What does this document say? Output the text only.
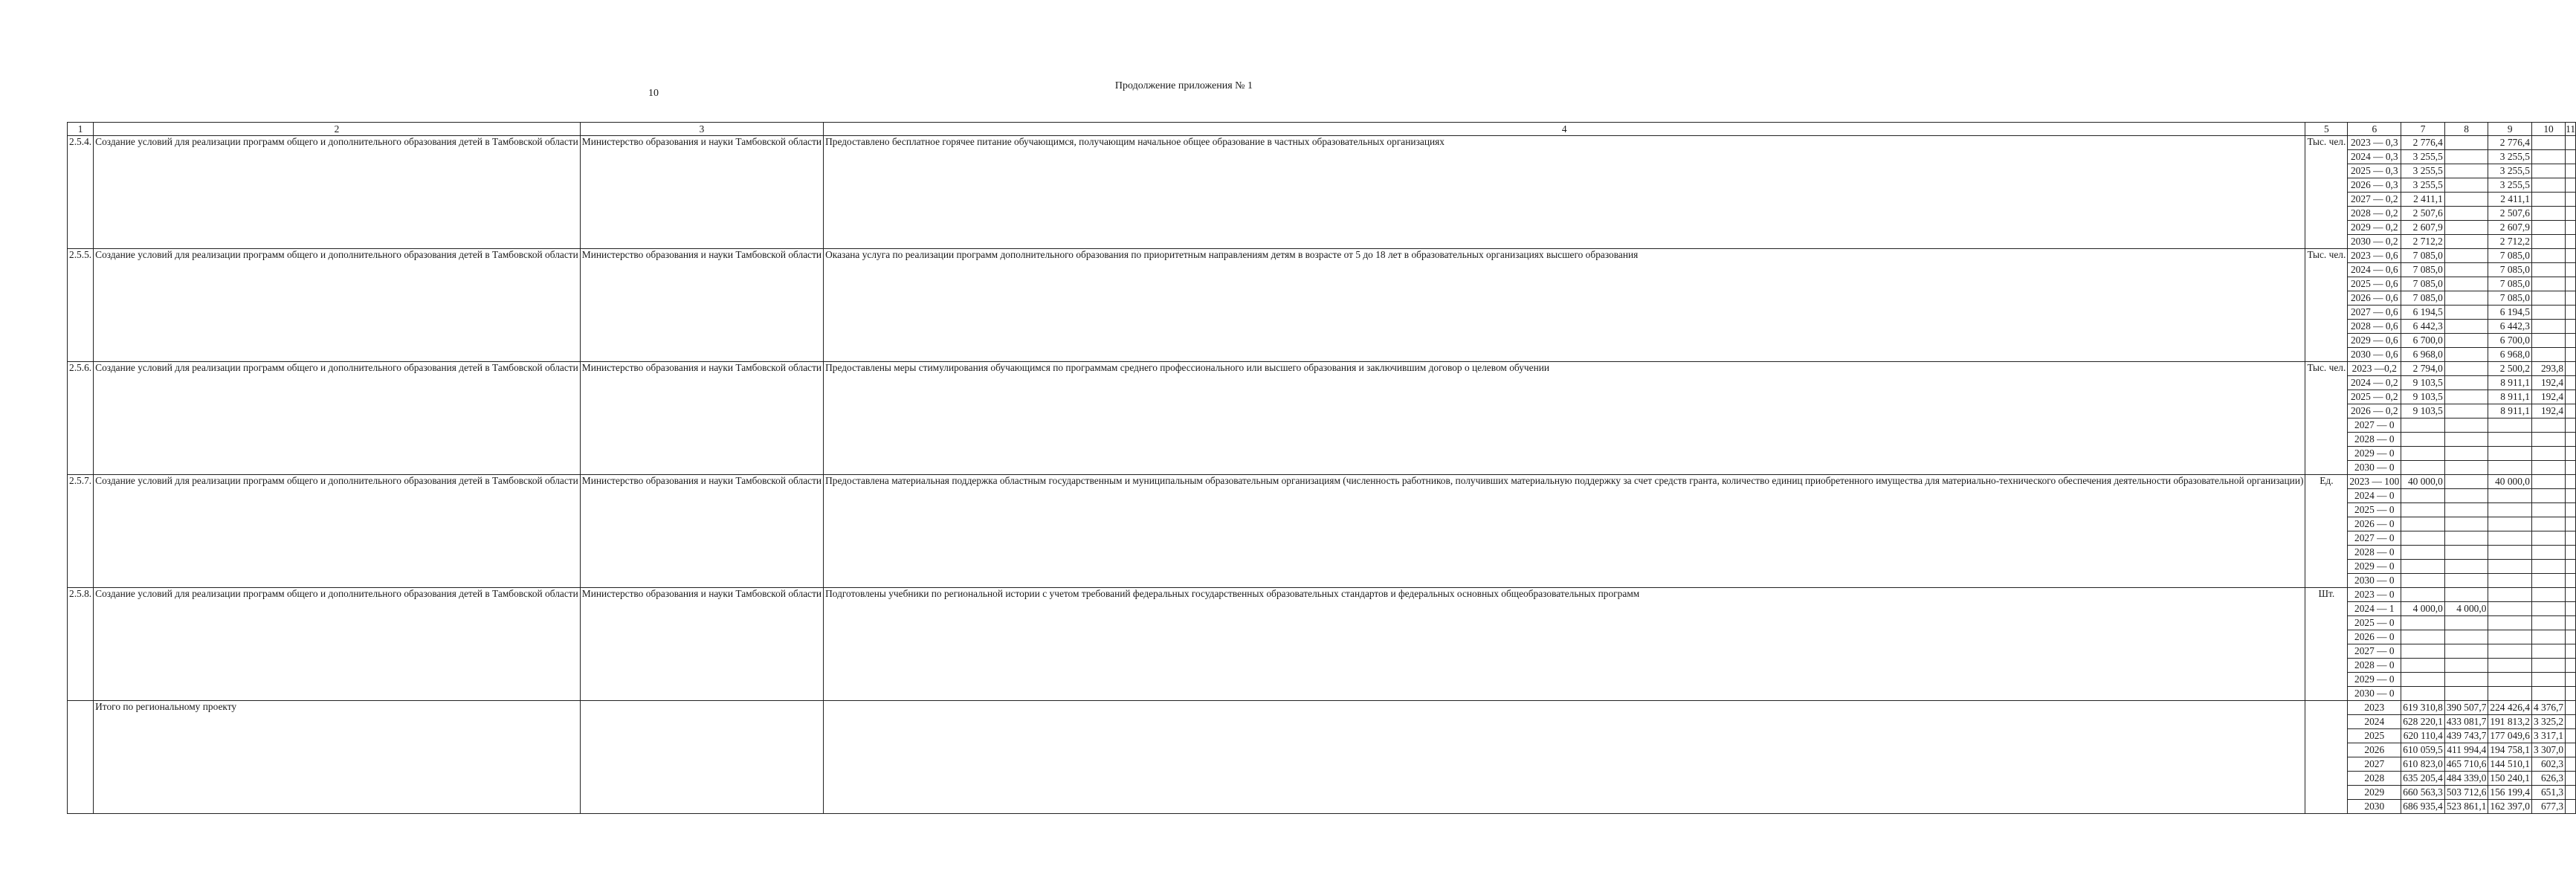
10
Продолжение приложения № 1
1	2	3	4	5	6	7	8	9	10	11
2.5.4.	Создание условий для реализации программ общего и дополнительного образования детей в Тамбовской области	Министерство образования и науки Тамбовской области	Предоставлено бесплатное горячее питание обучающимся, получающим начальное общее образование в частных образовательных организациях	Тыс. чел.	2023 — 0,3	2 776,4		2 776,4		
					2024 — 0,3	3 255,5		3 255,5		
					2025 — 0,3	3 255,5		3 255,5		
					2026 — 0,3	3 255,5		3 255,5		
					2027 — 0,2	2 411,1		2 411,1		
					2028 — 0,2	2 507,6		2 507,6		
					2029 — 0,2	2 607,9		2 607,9		
					2030 — 0,2	2 712,2		2 712,2		
2.5.5.	Создание условий для реализации программ общего и дополнительного образования детей в Тамбовской области	Министерство образования и науки Тамбовской области	Оказана услуга по реализации программ дополнительного образования по приоритетным направлениям детям в возрасте от 5 до 18 лет в образовательных организациях высшего образования	Тыс. чел.	2023 — 0,6	7 085,0		7 085,0		
					2024 — 0,6	7 085,0		7 085,0		
					2025 — 0,6	7 085,0		7 085,0		
					2026 — 0,6	7 085,0		7 085,0		
					2027 — 0,6	6 194,5		6 194,5		
					2028 — 0,6	6 442,3		6 442,3		
					2029 — 0,6	6 700,0		6 700,0		
					2030 — 0,6	6 968,0		6 968,0		
2.5.6.	Создание условий для реализации программ общего и дополнительного образования детей в Тамбовской области	Министерство образования и науки Тамбовской области	Предоставлены меры стимулирования обучающимся по программам среднего профессионального или высшего образования и заключившим договор о целевом обучении	Тыс. чел.	2023 —0,2	2 794,0		2 500,2	293,8	
					2024 — 0,2	9 103,5		8 911,1	192,4	
					2025 — 0,2	9 103,5		8 911,1	192,4	
					2026 — 0,2	9 103,5		8 911,1	192,4	
					2027 — 0					
					2028 — 0					
					2029 — 0					
					2030 — 0					
2.5.7.	Создание условий для реализации программ общего и дополнительного образования детей в Тамбовской области	Министерство образования и науки Тамбовской области	Предоставлена материальная поддержка областным государственным и муниципальным образовательным организациям (численность работников, получивших материальную поддержку за счет средств гранта, количество единиц приобретенного имущества для материально-технического обеспечения деятельности образовательной организации)	Ед.	2023 — 100	40 000,0		40 000,0		
					2024 — 0					
					2025 — 0					
					2026 — 0					
					2027 — 0					
					2028 — 0					
					2029 — 0					
					2030 — 0					
2.5.8.	Создание условий для реализации программ общего и дополнительного образования детей в Тамбовской области	Министерство образования и науки Тамбовской области	Подготовлены учебники по региональной истории с учетом требований федеральных государственных образовательных стандартов и федеральных основных общеобразовательных программ	Шт.	2023 — 0					
					2024 — 1	4 000,0	4 000,0			
					2025 — 0					
					2026 — 0					
					2027 — 0					
					2028 — 0					
					2029 — 0					
					2030 — 0					
	Итого по региональному проекту				2023	619 310,8	390 507,7	224 426,4	4 376,7	
					2024	628 220,1	433 081,7	191 813,2	3 325,2	
					2025	620 110,4	439 743,7	177 049,6	3 317,1	
					2026	610 059,5	411 994,4	194 758,1	3 307,0	
					2027	610 823,0	465 710,6	144 510,1	602,3	
					2028	635 205,4	484 339,0	150 240,1	626,3	
					2029	660 563,3	503 712,6	156 199,4	651,3	
					2030	686 935,4	523 861,1	162 397,0	677,3	
